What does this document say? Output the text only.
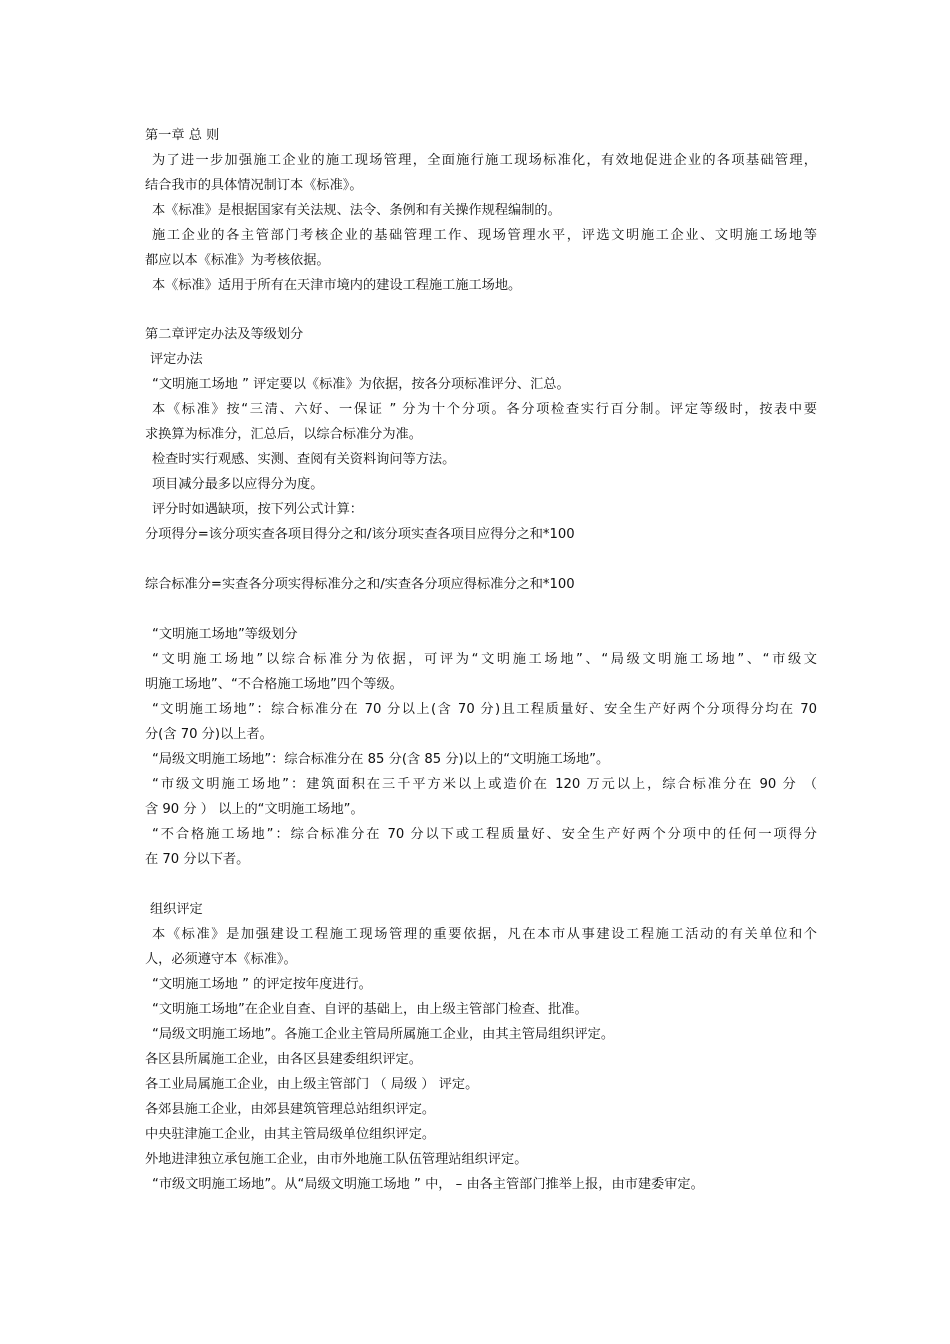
第一章 总 则
为了进一步加强施工企业的施工现场管理，全面施行施工现场标准化，有效地促进企业的各项基础管理，
结合我市的具体情况制订本《标准》。
本《标准》是根据国家有关法规、法令、条例和有关操作规程编制的。
施工企业的各主管部门考核企业的基础管理工作、现场管理水平，评选文明施工企业、文明施工场地等
都应以本《标准》为考核依据。
本《标准》适用于所有在天津市境内的建设工程施工施工场地。
第二章评定办法及等级划分
评定办法
“文明施工场地 ” 评定要以《标准》为依据，按各分项标准评分、汇总。
本《标准》按“三清、六好、一保证 ” 分为十个分项。各分项检查实行百分制。评定等级时，按表中要
求换算为标准分，汇总后，以综合标准分为准。
检查时实行观感、实测、查阅有关资料询问等方法。
项目减分最多以应得分为度。
评分时如遇缺项，按下列公式计算：
分项得分=该分项实查各项目得分之和/该分项实查各项目应得分之和*100
综合标准分=实查各分项实得标准分之和/实查各分项应得标准分之和*100
“文明施工场地”等级划分
“文明施工场地”以综合标准分为依据，可评为“文明施工场地”、“局级文明施工场地”、“市级文
明施工场地”、“不合格施工场地”四个等级。
“文明施工场地”：综合标准分在 70 分以上(含 70 分)且工程质量好、安全生产好两个分项得分均在 70
分(含 70 分)以上者。
“局级文明施工场地”：综合标准分在 85 分(含 85 分)以上的“文明施工场地”。
“市级文明施工场地”：建筑面积在三千平方米以上或造价在 120 万元以上，综合标准分在 90 分 （
含 90 分 ） 以上的“文明施工场地”。
“不合格施工场地”：综合标准分在 70 分以下或工程质量好、安全生产好两个分项中的任何一项得分
在 70 分以下者。
组织评定
本《标准》是加强建设工程施工现场管理的重要依据，凡在本市从事建设工程施工活动的有关单位和个
人，必须遵守本《标准》。
“文明施工场地 ” 的评定按年度进行。
“文明施工场地”在企业自查、自评的基础上，由上级主管部门检查、批准。
“局级文明施工场地”。各施工企业主管局所属施工企业，由其主管局组织评定。
各区县所属施工企业，由各区县建委组织评定。
各工业局属施工企业，由上级主管部门 （ 局级 ） 评定。
各郊县施工企业，由郊县建筑管理总站组织评定。
中央驻津施工企业，由其主管局级单位组织评定。
外地进津独立承包施工企业，由市外地施工队伍管理站组织评定。
“市级文明施工场地”。从“局级文明施工场地 ” 中， – 由各主管部门推举上报，由市建委审定。
